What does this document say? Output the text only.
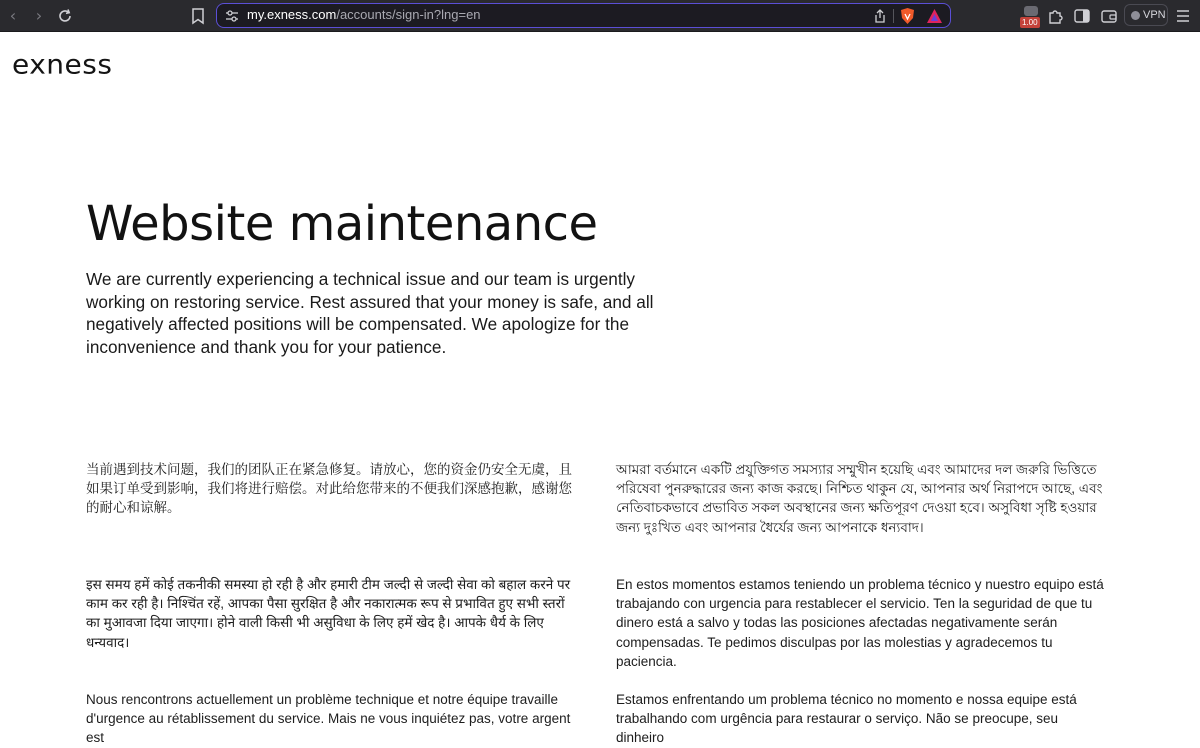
‹	›	my.exness.com/accounts/sign-in?lng=en
1.00
VPN
exness
Website maintenance

We are currently experiencing a technical issue and our team is urgently working on restoring service. Rest assured that your money is safe, and all negatively affected positions will be compensated. We apologize for the inconvenience and thank you for your patience.

当前遇到技术问题，我们的团队正在紧急修复。请放心，您的资金仍安全无虞，且如果订单受到影响，我们将进行赔偿。对此给您带来的不便我们深感抱歉，感谢您的耐心和谅解。

আমরা বর্তমানে একটি প্রযুক্তিগত সমস্যার সম্মুখীন হয়েছি এবং আমাদের দল জরুরি ভিত্তিতে পরিষেবা পুনরুদ্ধারের জন্য কাজ করছে। নিশ্চিত থাকুন যে, আপনার অর্থ নিরাপদে আছে, এবং নেতিবাচকভাবে প্রভাবিত সকল অবস্থানের জন্য ক্ষতিপূরণ দেওয়া হবে। অসুবিধা সৃষ্টি হওয়ার জন্য দুঃখিত এবং আপনার ধৈর্যের জন্য আপনাকে ধন্যবাদ।

इस समय हमें कोई तकनीकी समस्या हो रही है और हमारी टीम जल्दी से जल्दी सेवा को बहाल करने पर काम कर रही है। निश्चिंत रहें, आपका पैसा सुरक्षित है और नकारात्मक रूप से प्रभावित हुए सभी स्तरों का मुआवजा दिया जाएगा। होने वाली किसी भी असुविधा के लिए हमें खेद है। आपके धैर्य के लिए धन्यवाद।

En estos momentos estamos teniendo un problema técnico y nuestro equipo está trabajando con urgencia para restablecer el servicio. Ten la seguridad de que tu dinero está a salvo y todas las posiciones afectadas negativamente serán compensadas. Te pedimos disculpas por las molestias y agradecemos tu paciencia.

Nous rencontrons actuellement un problème technique et notre équipe travaille d'urgence au rétablissement du service. Mais ne vous inquiétez pas, votre argent est

Estamos enfrentando um problema técnico no momento e nossa equipe está trabalhando com urgência para restaurar o serviço. Não se preocupe, seu dinheiro
